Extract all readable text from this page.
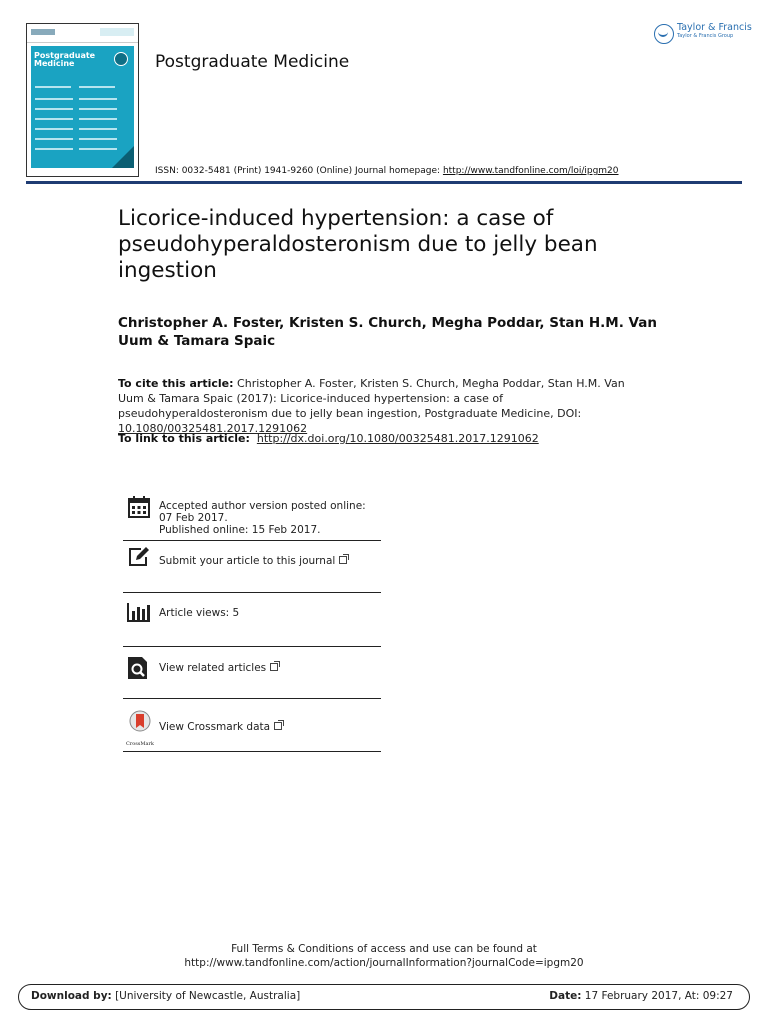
Postgraduate Medicine	Postgraduate Medicine
Taylor & Francis
Taylor & Francis Group
ISSN: 0032-5481 (Print) 1941-9260 (Online) Journal homepage: http://www.tandfonline.com/loi/ipgm20
Licorice-induced hypertension: a case of pseudohyperaldosteronism due to jelly bean ingestion
Christopher A. Foster, Kristen S. Church, Megha Poddar, Stan H.M. Van Uum & Tamara Spaic
To cite this article: Christopher A. Foster, Kristen S. Church, Megha Poddar, Stan H.M. Van Uum & Tamara Spaic (2017): Licorice-induced hypertension: a case of pseudohyperaldosteronism due to jelly bean ingestion, Postgraduate Medicine, DOI: 10.1080/00325481.2017.1291062
To link to this article: http://dx.doi.org/10.1080/00325481.2017.1291062
Accepted author version posted online: 07 Feb 2017.
Published online: 15 Feb 2017.
Submit your article to this journal
Article views: 5
View related articles
CrossMark
View Crossmark data
Full Terms & Conditions of access and use can be found at
http://www.tandfonline.com/action/journalInformation?journalCode=ipgm20
Download by: [University of Newcastle, Australia]	Date: 17 February 2017, At: 09:27
